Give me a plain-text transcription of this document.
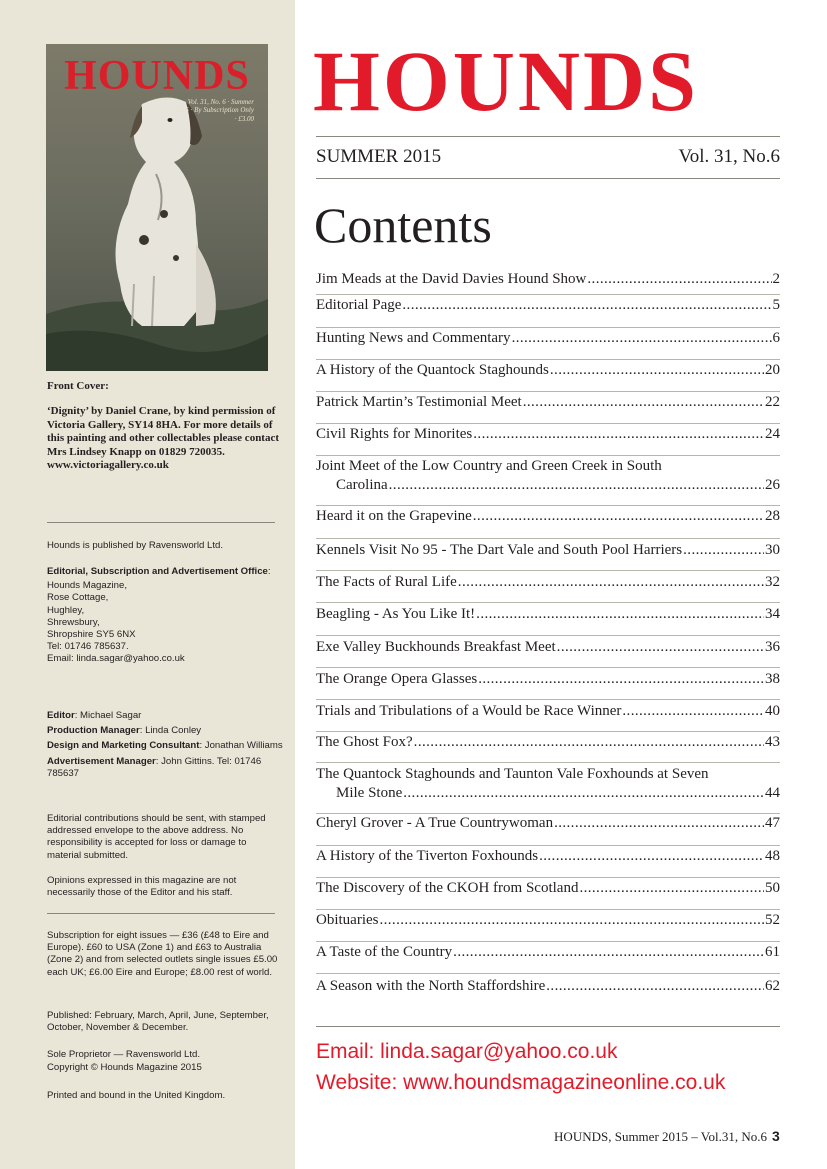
HOUNDS
Vol. 31, No. 6 · Summer 2015 · By Subscription Only · £3.00
Front Cover:
‘Dignity’ by Daniel Crane, by kind permission of Victoria Gallery, SY14 8HA. For more details of this painting and other collectables please contact Mrs Lindsey Knapp on 01829 720035. www.victoriagallery.co.uk

Hounds is published by Ravensworld Ltd.

Editorial, Subscription and Advertisement Office:

Hounds Magazine,

Rose Cottage,

Hughley,

Shrewsbury,

Shropshire SY5 6NX

Tel: 01746 785637.

Email: linda.sagar@yahoo.co.uk

Editor: Michael Sagar

Production Manager: Linda Conley

Design and Marketing Consultant: Jonathan Williams

Advertisement Manager: John Gittins. Tel: 01746 785637

Editorial contributions should be sent, with stamped addressed envelope to the above address. No responsibility is accepted for loss or damage to material submitted.
Opinions expressed in this magazine are not necessarily those of the Editor and his staff.
Subscription for eight issues — £36 (£48 to Eire and Europe). £60 to USA (Zone 1) and £63 to Australia (Zone 2) and from selected outlets single issues £5.00 each UK; £6.00 Eire and Europe; £8.00 rest of world.
Published: February, March, April, June, September, October, November & December.
Sole Proprietor — Ravensworld Ltd.
Copyright © Hounds Magazine 2015
Printed and bound in the United Kingdom.
HOUNDS
SUMMER 2015	Vol. 31, No.6
Contents
Jim Meads at the David Davies Hound Show .....	2
Editorial Page .....	5
Hunting News and Commentary .....	6
A History of the Quantock Staghounds .....	20
Patrick Martin’s Testimonial Meet .....	22
Civil Rights for Minorites .....	24
Joint Meet of the Low Country and Green Creek in South
Carolina .....	26
Heard it on the Grapevine .....	28
Kennels Visit No 95 - The Dart Vale and South Pool Harriers .....	30
The Facts of Rural Life .....	32
Beagling - As You Like It! .....	34
Exe Valley Buckhounds Breakfast Meet .....	36
The Orange Opera Glasses .....	38
Trials and Tribulations of a Would be Race Winner .....	40
The Ghost Fox? .....	43
The Quantock Staghounds and Taunton Vale Foxhounds at Seven
Mile Stone .....	44
Cheryl Grover - A True Countrywoman .....	47
A History of the Tiverton Foxhounds .....	48
The Discovery of the CKOH from Scotland .....	50
Obituaries .....	52
A Taste of the Country .....	61
A Season with the North Staffordshire .....	62
Email: linda.sagar@yahoo.co.uk
Website: www.houndsmagazineonline.co.uk
HOUNDS, Summer 2015 – Vol.31, No.6 3
